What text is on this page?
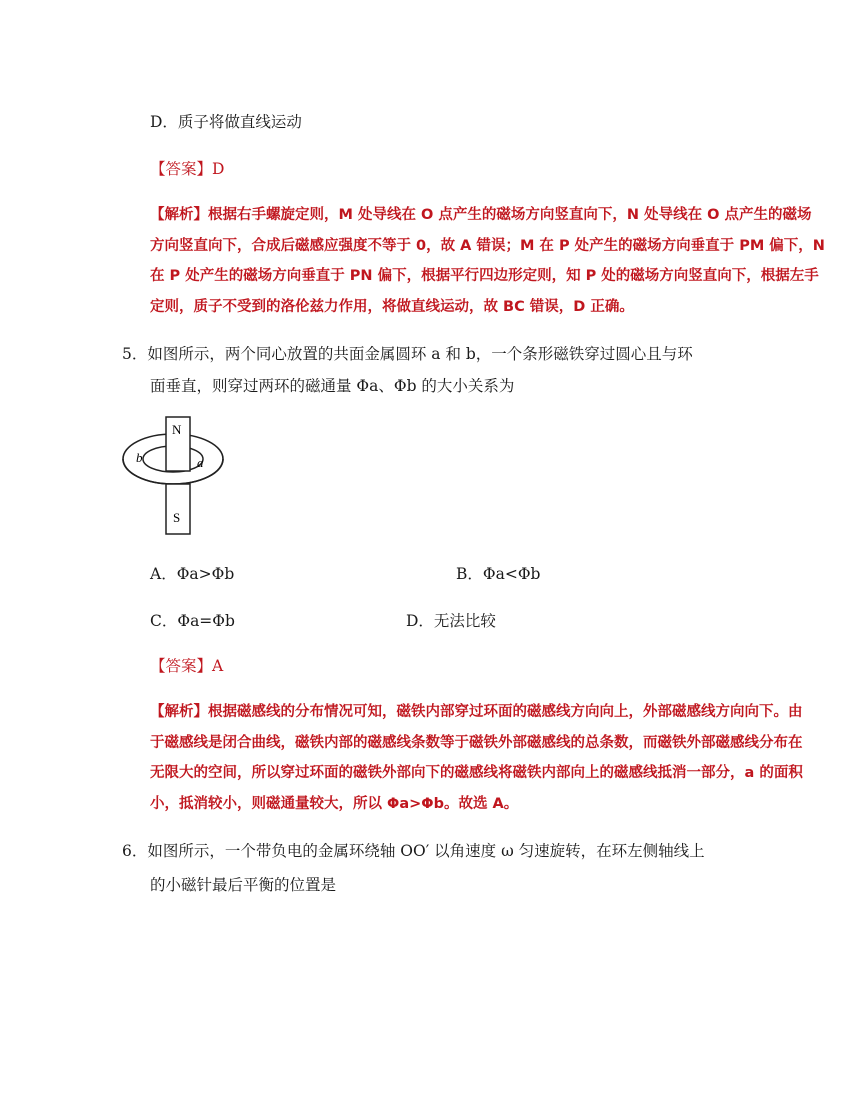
D．质子将做直线运动
【答案】D

【解析】根据右手螺旋定则，M 处导线在 O 点产生的磁场方向竖直向下，N 处导线在 O 点产生的磁场

方向竖直向下，合成后磁感应强度不等于 0，故 A 错误；M 在 P 处产生的磁场方向垂直于 PM 偏下，N

在 P 处产生的磁场方向垂直于 PN 偏下，根据平行四边形定则，知 P 处的磁场方向竖直向下，根据左手

定则，质子不受到的洛伦兹力作用，将做直线运动，故 BC 错误，D 正确。

5．如图所示，两个同心放置的共面金属圆环 a 和 b，一个条形磁铁穿过圆心且与环
面垂直，则穿过两环的磁通量 Φa、Φb 的大小关系为
N
S
a
b
A．Φa>Φb	B．Φa<Φb
C．Φa=Φb	D．无法比较
【答案】A

【解析】根据磁感线的分布情况可知，磁铁内部穿过环面的磁感线方向向上，外部磁感线方向向下。由

于磁感线是闭合曲线，磁铁内部的磁感线条数等于磁铁外部磁感线的总条数，而磁铁外部磁感线分布在

无限大的空间，所以穿过环面的磁铁外部向下的磁感线将磁铁内部向上的磁感线抵消一部分，a 的面积

小，抵消较小，则磁通量较大，所以 Φa>Φb。故选 A。

6．如图所示，一个带负电的金属环绕轴 OO′ 以角速度 ω 匀速旋转，在环左侧轴线上
的小磁针最后平衡的位置是
